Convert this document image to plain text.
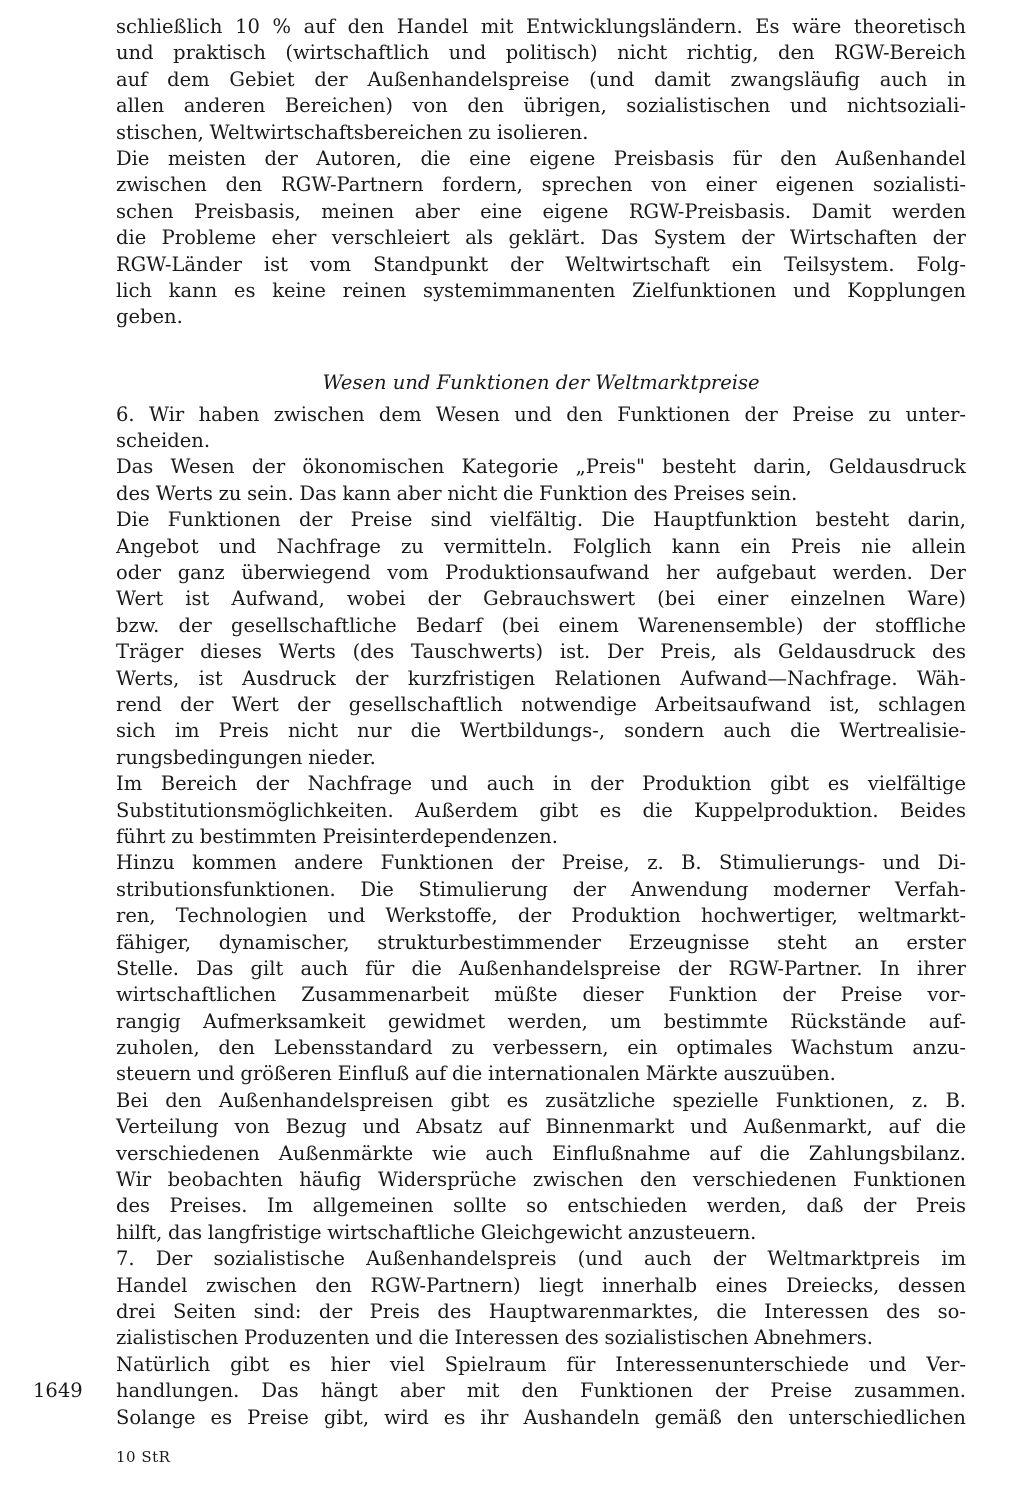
schließlich 10 % auf den Handel mit Entwicklungsländern. Es wäre theoretisch
und praktisch (wirtschaftlich und politisch) nicht richtig, den RGW-Bereich
auf dem Gebiet der Außenhandelspreise (und damit zwangsläufig auch in
allen anderen Bereichen) von den übrigen, sozialistischen und nichtsoziali-
stischen, Weltwirtschaftsbereichen zu isolieren.
Die meisten der Autoren, die eine eigene Preisbasis für den Außenhandel
zwischen den RGW-Partnern fordern, sprechen von einer eigenen sozialisti-
schen Preisbasis, meinen aber eine eigene RGW-Preisbasis. Damit werden
die Probleme eher verschleiert als geklärt. Das System der Wirtschaften der
RGW-Länder ist vom Standpunkt der Weltwirtschaft ein Teilsystem. Folg-
lich kann es keine reinen systemimmanenten Zielfunktionen und Kopplungen
geben.
Wesen und Funktionen der Weltmarktpreise
6. Wir haben zwischen dem Wesen und den Funktionen der Preise zu unter-
scheiden.
Das Wesen der ökonomischen Kategorie „Preis" besteht darin, Geldausdruck
des Werts zu sein. Das kann aber nicht die Funktion des Preises sein.
Die Funktionen der Preise sind vielfältig. Die Hauptfunktion besteht darin,
Angebot und Nachfrage zu vermitteln. Folglich kann ein Preis nie allein
oder ganz überwiegend vom Produktionsaufwand her aufgebaut werden. Der
Wert ist Aufwand, wobei der Gebrauchswert (bei einer einzelnen Ware)
bzw. der gesellschaftliche Bedarf (bei einem Warenensemble) der stoffliche
Träger dieses Werts (des Tauschwerts) ist. Der Preis, als Geldausdruck des
Werts, ist Ausdruck der kurzfristigen Relationen Aufwand—Nachfrage. Wäh-
rend der Wert der gesellschaftlich notwendige Arbeitsaufwand ist, schlagen
sich im Preis nicht nur die Wertbildungs-, sondern auch die Wertrealisie-
rungsbedingungen nieder.
Im Bereich der Nachfrage und auch in der Produktion gibt es vielfältige
Substitutionsmöglichkeiten. Außerdem gibt es die Kuppelproduktion. Beides
führt zu bestimmten Preisinterdependenzen.
Hinzu kommen andere Funktionen der Preise, z. B. Stimulierungs- und Di-
stributionsfunktionen. Die Stimulierung der Anwendung moderner Verfah-
ren, Technologien und Werkstoffe, der Produktion hochwertiger, weltmarkt-
fähiger, dynamischer, strukturbestimmender Erzeugnisse steht an erster
Stelle. Das gilt auch für die Außenhandelspreise der RGW-Partner. In ihrer
wirtschaftlichen Zusammenarbeit müßte dieser Funktion der Preise vor-
rangig Aufmerksamkeit gewidmet werden, um bestimmte Rückstände auf-
zuholen, den Lebensstandard zu verbessern, ein optimales Wachstum anzu-
steuern und größeren Einfluß auf die internationalen Märkte auszuüben.
Bei den Außenhandelspreisen gibt es zusätzliche spezielle Funktionen, z. B.
Verteilung von Bezug und Absatz auf Binnenmarkt und Außenmarkt, auf die
verschiedenen Außenmärkte wie auch Einflußnahme auf die Zahlungsbilanz.
Wir beobachten häufig Widersprüche zwischen den verschiedenen Funktionen
des Preises. Im allgemeinen sollte so entschieden werden, daß der Preis
hilft, das langfristige wirtschaftliche Gleichgewicht anzusteuern.
7. Der sozialistische Außenhandelspreis (und auch der Weltmarktpreis im
Handel zwischen den RGW-Partnern) liegt innerhalb eines Dreiecks, dessen
drei Seiten sind: der Preis des Hauptwarenmarktes, die Interessen des so-
zialistischen Produzenten und die Interessen des sozialistischen Abnehmers.
Natürlich gibt es hier viel Spielraum für Interessenunterschiede und Ver-
handlungen. Das hängt aber mit den Funktionen der Preise zusammen.
Solange es Preise gibt, wird es ihr Aushandeln gemäß den unterschiedlichen
1649
10 StR
